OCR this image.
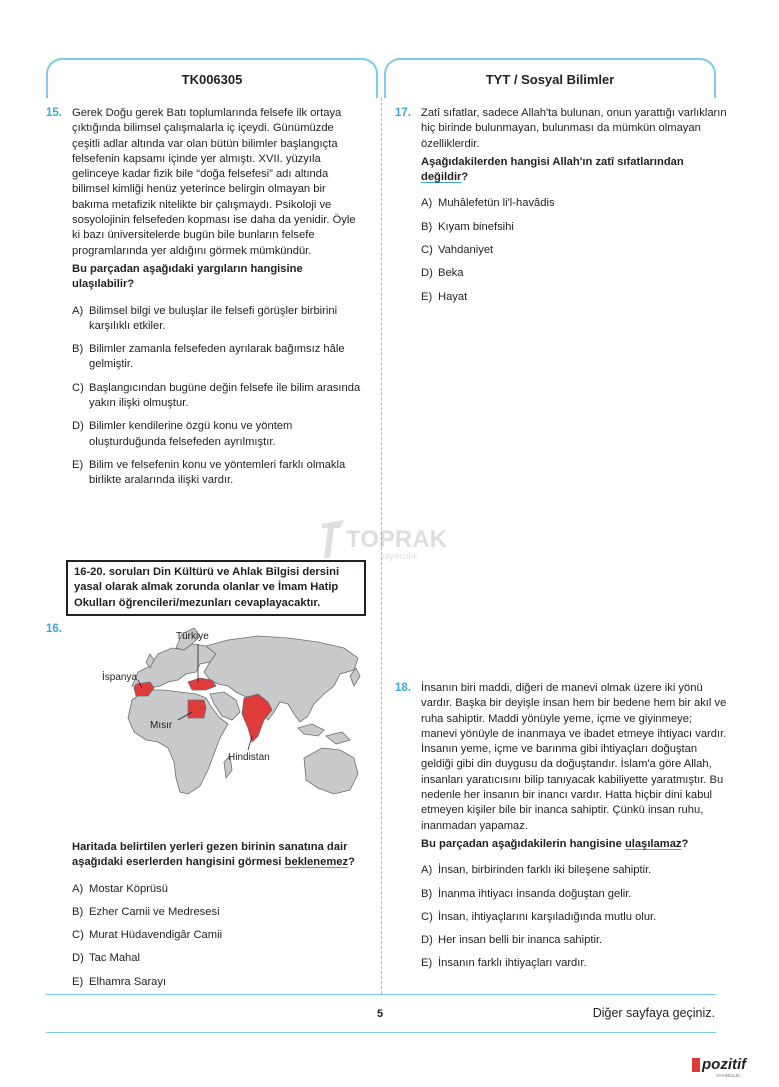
TK006305	TYT / Sosyal Bilimler
15. Gerek Doğu gerek Batı toplumlarında felsefe ilk ortaya çıktığında bilimsel çalışmalarla iç içeydi. Günümüzde çeşitli adlar altında var olan bütün bilimler başlangıçta felsefenin kapsamı içinde yer almıştı. XVII. yüzyıla gelinceye kadar fizik bile “doğa felsefesi” adı altında bilimsel kimliği henüz yeterince belirgin olmayan bir bakıma metafizik nitelikte bir çalışmaydı. Psikoloji ve sosyolojinin felsefeden kopması ise daha da yenidir. Öyle ki bazı üniversitelerde bugün bile bunların felsefe programlarında yer aldığını görmek mümkündür.
Bu parçadan aşağıdaki yargıların hangisine ulaşılabilir?
A) Bilimsel bilgi ve buluşlar ile felsefi görüşler birbirini karşılıklı etkiler.
B) Bilimler zamanla felsefeden ayrılarak bağımsız hâle gelmiştir.
C) Başlangıcından bugüne değin felsefe ile bilim arasında yakın ilişki olmuştur.
D) Bilimler kendilerine özgü konu ve yöntem oluşturduğunda felsefeden ayrılmıştır.
E) Bilim ve felsefenin konu ve yöntemleri farklı olmakla birlikte aralarında ilişki vardır.
TOPRAK
yayıncılık
16-20. soruları Din Kültürü ve Ahlak Bilgisi dersini yasal olarak almak zorunda olanlar ve İmam Hatip Okulları öğrencileri/mezunları cevaplayacaktır.
16.
Türkiye
İspanya
Mısır
Hindistan
Haritada belirtilen yerleri gezen birinin sanatına dair aşağıdaki eserlerden hangisini görmesi beklenemez?
A) Mostar Köprüsü
B) Ezher Camii ve Medresesi
C) Murat Hüdavendigâr Camii
D) Tac Mahal
E) Elhamra Sarayı
17. Zatî sıfatlar, sadece Allah'ta bulunan, onun yarattığı varlıkların hiç birinde bulunmayan, bulunması da mümkün olmayan özelliklerdir.
Aşağıdakilerden hangisi Allah'ın zatî sıfatlarından değildir?
A) Muhâlefetün li'l-havâdis
B) Kıyam binefsihi
C) Vahdaniyet
D) Beka
E) Hayat
18. İnsanın biri maddi, diğeri de manevi olmak üzere iki yönü vardır. Başka bir deyişle insan hem bir bedene hem bir akıl ve ruha sahiptir. Maddi yönüyle yeme, içme ve giyinmeye; manevi yönüyle de inanmaya ve ibadet etmeye ihtiyacı vardır. İnsanın yeme, içme ve barınma gibi ihtiyaçları doğuştan geldiği gibi din duygusu da doğuştandır. İslam'a göre Allah, insanları yaratıcısını bilip tanıyacak kabiliyette yaratmıştır. Bu nedenle her insanın bir inancı vardır. Hatta hiçbir dini kabul etmeyen kişiler bile bir inanca sahiptir. Çünkü insan ruhu, inanmadan yapamaz.
Bu parçadan aşağıdakilerin hangisine ulaşılamaz?
A) İnsan, birbirinden farklı iki bileşene sahiptir.
B) İnanma ihtiyacı insanda doğuştan gelir.
C) İnsan, ihtiyaçlarını karşıladığında mutlu olur.
D) Her insan belli bir inanca sahiptir.
E) İnsanın farklı ihtiyaçları vardır.
5	Diğer sayfaya geçiniz.
pozitif
YAYINCILIK
